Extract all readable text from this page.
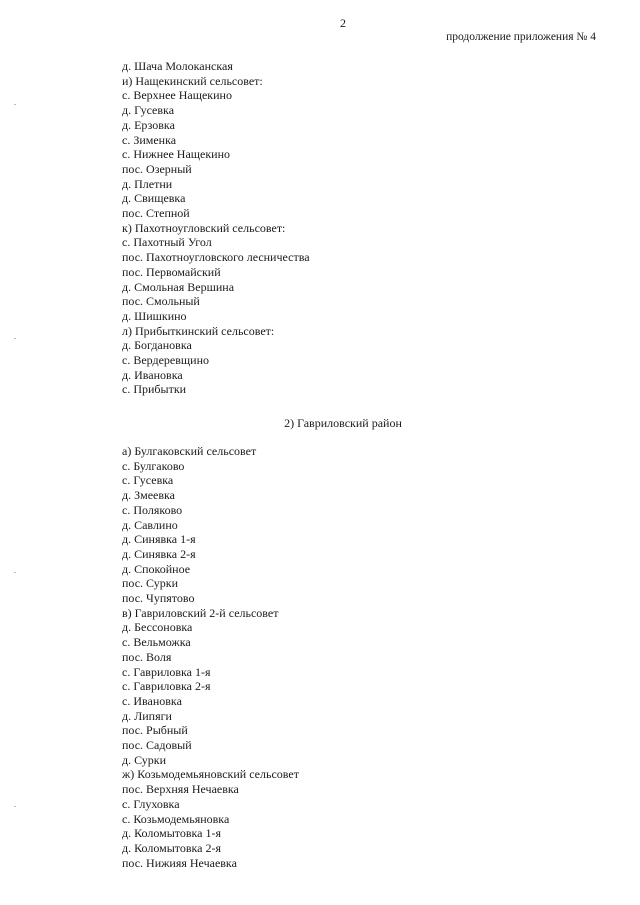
2
продолжение приложения № 4
д. Шача Молоканская
и) Нащекинский сельсовет:
с. Верхнее Нащекино
д. Гусевка
д. Ерзовка
с. Зименка
с. Нижнее Нащекино
пос. Озерный
д. Плетни
д. Свищевка
пос. Степной
к) Пахотноугловский сельсовет:
с. Пахотный Угол
пос. Пахотноугловского лесничества
пос. Первомайский
д. Смольная Вершина
пос. Смольный
д. Шишкино
л) Прибыткинский сельсовет:
д. Богдановка
с. Вердеревщино
д. Ивановка
с. Прибытки
2) Гавриловский район
а) Булгаковский сельсовет
с. Булгаково
с. Гусевка
д. Змеевка
с. Поляково
д. Савлино
д. Синявка 1-я
д. Синявка 2-я
д. Спокойное
пос. Сурки
пос. Чупятово
в) Гавриловский 2-й сельсовет
д. Бессоновка
с. Вельможка
пос. Воля
с. Гавриловка 1-я
с. Гавриловка 2-я
с. Ивановка
д. Липяги
пос. Рыбный
пос. Садовый
д. Сурки
ж) Козьмодемьяновский сельсовет
пос. Верхняя Нечаевка
с. Глуховка
с. Козьмодемьяновка
д. Коломытовка 1-я
д. Коломытовка 2-я
пос. Нижияя Нечаевка
